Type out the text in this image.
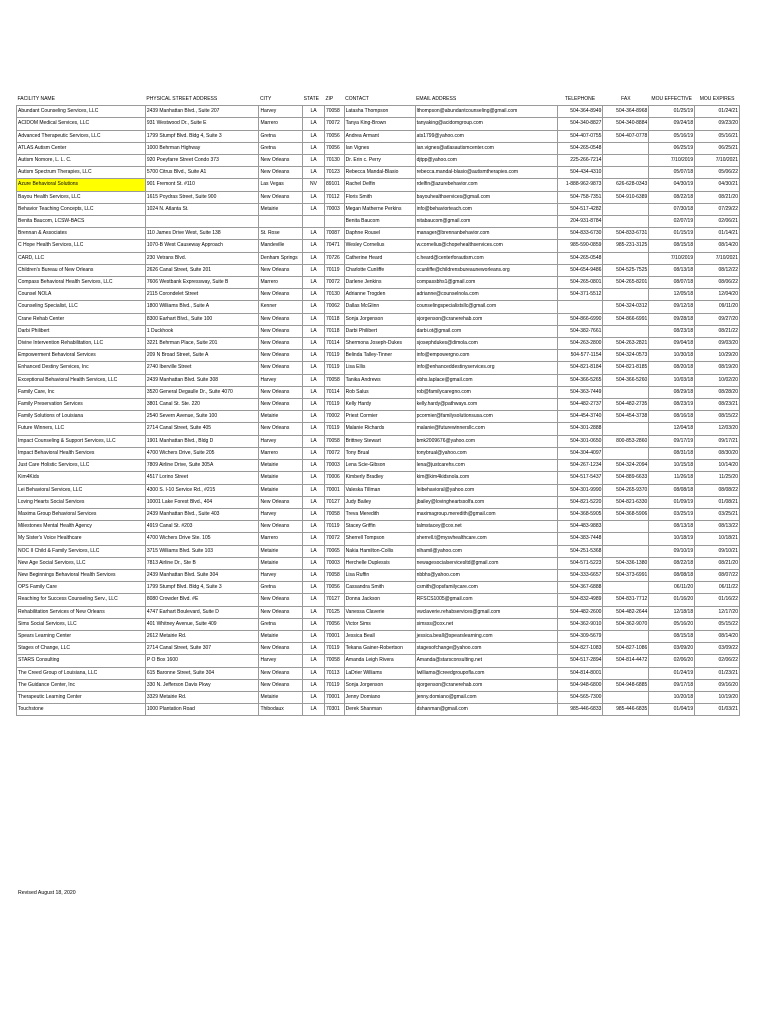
FACILITY NAME	PHYSICAL STREET ADDRESS	CITY	STATE	ZIP	CONTACT	EMAIL ADDRESS	TELEPHONE	FAX	MOU EFFECTIVE	MOU EXPIRES
Abundant Counseling Services, LLC	2439 Manhattan Blvd., Suite 207	Harvey	LA	70058	Latasha Thompson	lthompson@abundantcounseling@gmail.com	504-364-8949	504-364-8968	01/25/19	01/24/21
ACIDOM Medical Services, LLC	931 Westwood Dr., Suite E	Marrero	LA	70072	Tanya King-Brown	tanyaking@acidomgroup.com	504-340-8827	504-340-8884	09/24/18	09/23/20
Advanced Therapeutic Services, LLC	1799 Stumpf Blvd. Bldg 4, Suite 3	Gretna	LA	70056	Andrea Armant	ats1799@yahoo.com	504-407-0755	504-407-0778	05/16/19	05/16/21
ATLAS Autism Center	1000 Behrman Highway	Gretna	LA	70056	Ian Vignes	ian.vignes@atlasautismcenter.com	504-265-0548		06/25/19	06/25/21
Autism Nomore, L. L. C.	920 Poeyfarre Street Condo 373	New Orleans	LA	70130	Dr. Erin c. Perry	djtpp@yahoo.com	225-266-7214		7/10/2019	7/10/2021
Autism Spectrum Therapies, LLC	5700 Citrus Blvd., Suite A1	New Orleans	LA	70123	Rebecca Mandal-Blasio	rebecca.mandal-blasio@autismtherapies.com	504-434-4310		05/07/18	05/06/22
Azure Behavioral Solutions	901 Fremont St. #110	Las Vegas	NV	89101	Rachel Delfin	rdelfin@azurebehavior.com	1-888-962-9873	626-628-0343	04/30/19	04/30/21
Bayou Health Services, LLC	1615 Poydras Street, Suite 900	New Orleans	LA	70112	Floris Smith	bayouhealthservices@gmail.com	504-758-7351	504-910-6389	08/22/18	08/21/20
Behavior Teaching Concepts, LLC	1024 N. Atlanta St.	Metairie	LA	70003	Megan Matherne Perkins	info@behaviorteach.com	504-517-4282		07/30/18	07/29/22
Benita Baucom, LCSW-BACS					Benita Baucom	nitabaucom@gmail.com	204-931-8784		02/07/19	02/06/21
Brennan & Associates	110 James Drive West, Suite 138	St. Rose	LA	70087	Daphne Rousel	manager@brennanbehavior.com	504-833-6730	504-833-6731	01/15/19	01/14/21
C Hope Health Services, LLC	1070-B West Causeway Approach	Mandeville	LA	70471	Wesley Cornelius	w.cornelius@chopehealthservices.com	985-590-0859	985-231-3125	08/15/18	08/14/20
CARD, LLC	230 Vetrans Blvd.	Denham Springs	LA	70726	Catherine Heard	c.heard@centerforautism.com	504-265-0548		7/10/2019	7/10/2021
Children's Bureau of New Orleans	2626 Canal Street, Suite 201	New Orleans	LA	70119	Charlotte Cunliffe	ccunliffe@childrensbureauneworleans.org	504-654-9486	504-525-7525	08/13/18	08/12/22
Compass Behavioral Health Services, LLC	7606 Westbank Expressway, Suite B	Marrero	LA	70072	Darlene Jenkins	compassbhs1@gmail.com	504-265-0801	504-265-8201	08/07/18	08/06/22
Counsel NOLA	2115 Corondelet Street	New Orleans	LA	70130	Adrianne Trogden	adrianne@counselnola.com	504-371-5512		12/05/18	12/04/20
Counseling Specialist, LLC	1800 Williams Blvd., Suite A	Kenner	LA	70062	Dallas McGlinn	counselingspecialistsllc@gmail.com		504-324-0312	09/12/18	09/11/20
Crane Rehab Center	8300 Earhart Blvd., Suite 100	New Orleans	LA	70118	Sonja Jorgenson	sjorgenson@cranerehab.com	504-866-6990	504-866-6991	09/28/18	09/27/20
Darbi Philibert	1 Duckhook	New Orleans	LA	70118	Darbi Philibert	darbi.ot@gmail.com	504-382-7661		08/23/18	08/21/22
Divine Intervention Rehabilitation, LLC	3221 Behrman Place, Suite 201	New Orleans	LA	70114	Shermona Joseph-Dukes	sjosephdukes@dimola.com	504-263-2800	504-263-2821	09/04/18	09/03/20
Empowerment Behavioral Services	209 N Broad Street, Suite A	New Orleans	LA	70119	Belinda Talley-Tinner	info@empowergno.com	504-577-1154	504-324-0573	10/30/18	10/29/20
Enhanced Destiny Services, Inc	2740 Iberville Street	New Orleans	LA	70119	Lisa Ellis	info@enhanceddestinyservices.org	504-821-8184	504-821-8185	08/20/18	08/19/20
Exceptional Behavioral Health Services, LLC	2439 Manhattan Blvd. Suite 308	Harvey	LA	70058	Tanika Andrews	ebhs.laplace@gmail.com	504-366-5265	504-366-5260	10/03/18	10/02/20
Family Care, Inc	3520 General Degaulle Dr., Suite 4070	New Orleans	LA	70114	Rob Salus	rob@familycaregno.com	504-363-7449		08/29/18	08/28/20
Family Preservation Services	3801 Canal St. Ste. 220	New Orleans	LA	70119	Kelly Hardy	kelly.hardy@pathways.com	504-482-2737	504-482-2735	08/23/19	08/23/21
Family Solutions of Louisiana	2540 Severn Avenue, Suite 100	Metairie	LA	70002	Priest Cormier	pcormier@familysolutionsusa.com	504-454-3740	504-454-3738	08/16/18	08/15/22
Future Winners, LLC	2714 Canal Street, Suite 405	New Orleans	LA	70119	Malanie Richards	malanie@futurewinnersllc.com	504-301-2888		12/04/18	12/03/20
Impact Counseling & Support Services, LLC	1901 Manhattan Blvd., Bldg D	Harvey	LA	70058	Brittney Stewart	bmk2009676@yahoo.com	504-301-0650	800-853-2860	09/17/19	09/17/21
Impact Behavioral Health Services	4700 Wichers Drive, Suite 205	Marrero	LA	70072	Tony Brual	tonybrual@yahoo.com	504-304-4097		08/31/18	08/30/20
Just Care Holistic Services, LLC	7809 Airline Drive, Suite 305A	Metairie	LA	70003	Lena Scie-Gibson	lena@justcarehs.com	504-267-1234	504-324-2094	10/15/18	10/14/20
Kim4Kids	4517 Lorino Street	Metairie	LA	70006	Kimberly Bradley	kim@kim4kidsnola.com	504-517-5437	504-889-6633	11/26/18	11/25/20
Lei Behavioral Services, LLC	4300 S. I-10 Service Rd., #215	Metairie	LA	70001	Valeska Tillman	leibehavioral@yahoo.com	504-301-9990	504-265-9370	08/08/18	08/08/22
Loving Hearts Social Services	10001 Lake Forest Blvd., 404	New Orleans	LA	70127	Judy Bailey	jbailey@lovingheartssolfa.com	504-821-5220	504-821-6330	01/09/19	01/08/21
Maxima Group Behavioral Services	2439 Manhattan Blvd., Suite 403	Harvey	LA	70058	Treva Meredith	maximagroup.meredith@gmail.com	504-368-5905	504-368-5906	03/25/19	03/25/21
Milestones Mental Health Agency	4919 Canal St. #203	New Orleans	LA	70119	Stacey Griffin	talmstacey@cox.net	504-483-9883		08/13/18	08/13/22
My Sister's Voice Healthcare	4700 Wichers Drive Ste. 105	Marrero	LA	70072	Sherrell Tompson	sherrell.t@mysvhealthcare.com	504-383-7448		10/18/19	10/18/21
NOC II Child & Family Services, LLC	3715 Williams Blvd. Suite 103	Metairie	LA	70065	Nakia Hamilton-Collis	nlhamil@yahoo.com	504-251-5368		09/10/19	09/10/21
New Age Social Services, LLC	7813 Airline Dr., Ste B	Metairie	LA	70003	Herchelle Duplessis	newagesocialservicesltd@gmail.com	504-571-5223	504-336-1380	08/22/18	08/21/20
New Beginnings Behavioral Health Services	2439 Manhattan Blvd. Suite 304	Harvey	LA	70058	Lisa Ruffin	nbbhs@yahoo.com	504-333-6657	504-373-6991	08/08/18	08/07/22
OPS Family Care	1799 Stumpf Blvd. Bldg 4, Suite 3	Gretna	LA	70056	Cassandra Smith	csmith@opsfamilycare.com	504-367-6888		06/11/20	06/11/22
Reaching for Success Counseling Serv., LLC	8080 Crowder Blvd. #E	New Orleans	LA	70127	Donna Jackson	RFSCS1005@gmail.com	504-832-4989	504-831-7712	01/16/20	01/16/22
Rehabilitation Services of New Orleans	4747 Earhart Boulevard, Suite D	New Orleans	LA	70125	Vanessa Claverie	vwclaverie.rehabservices@gmail.com	504-482-2600	504-482-2644	12/18/18	12/17/20
Sims Social Services, LLC	401 Whitney Avenue, Suite 409	Gretna	LA	70056	Victor Sims	simsss@cox.net	504-362-9010	504-362-9070	05/16/20	05/15/22
Spears Learning Center	2612 Metairie Rd.	Metairie	LA	70001	Jessica Beall	jessica.beall@spearslearning.com	504-309-5679		08/15/18	08/14/20
Stages of Change, LLC	2714 Canal Street, Suite 307	New Orleans	LA	70119	Tekana Gainer-Robertson	stagesofchange@yahoo.com	504-827-1083	504-827-1086	03/09/20	03/09/22
STARS Consulting	P O Box 1600	Harvey	LA	70058	Amanda Leigh Rivera	Amanda@starsconsulting.net	504-517-2894	504-814-4472	02/06/20	02/06/22
The Creed Group of Louisiana, LLC	615 Baronne Street, Suite 304	New Orleans	LA	70113	LaDrier Williams	lwilliams@creedgroupofla.com	504-814-8001		01/24/19	01/23/21
The Guidance Center, Inc	330 N. Jefferson Davis Pkwy	New Orleans	LA	70119	Sonja Jorgenson	sjorgenson@cranerehab.com	504-948-6800	504-948-6885	09/17/18	09/16/20
Therapeutic Learning Center	3329 Metairie Rd.	Metairie	LA	70001	Jenny Domiano	jenny.domiano@gmail.com	504-565-7300		10/20/18	10/19/20
Touchstone	1000 Plantation Road	Thibodaux	LA	70301	Derek Shanman	dshanman@gmail.com	985-446-6833	985-446-6835	01/04/19	01/03/21
Revised August 18, 2020
